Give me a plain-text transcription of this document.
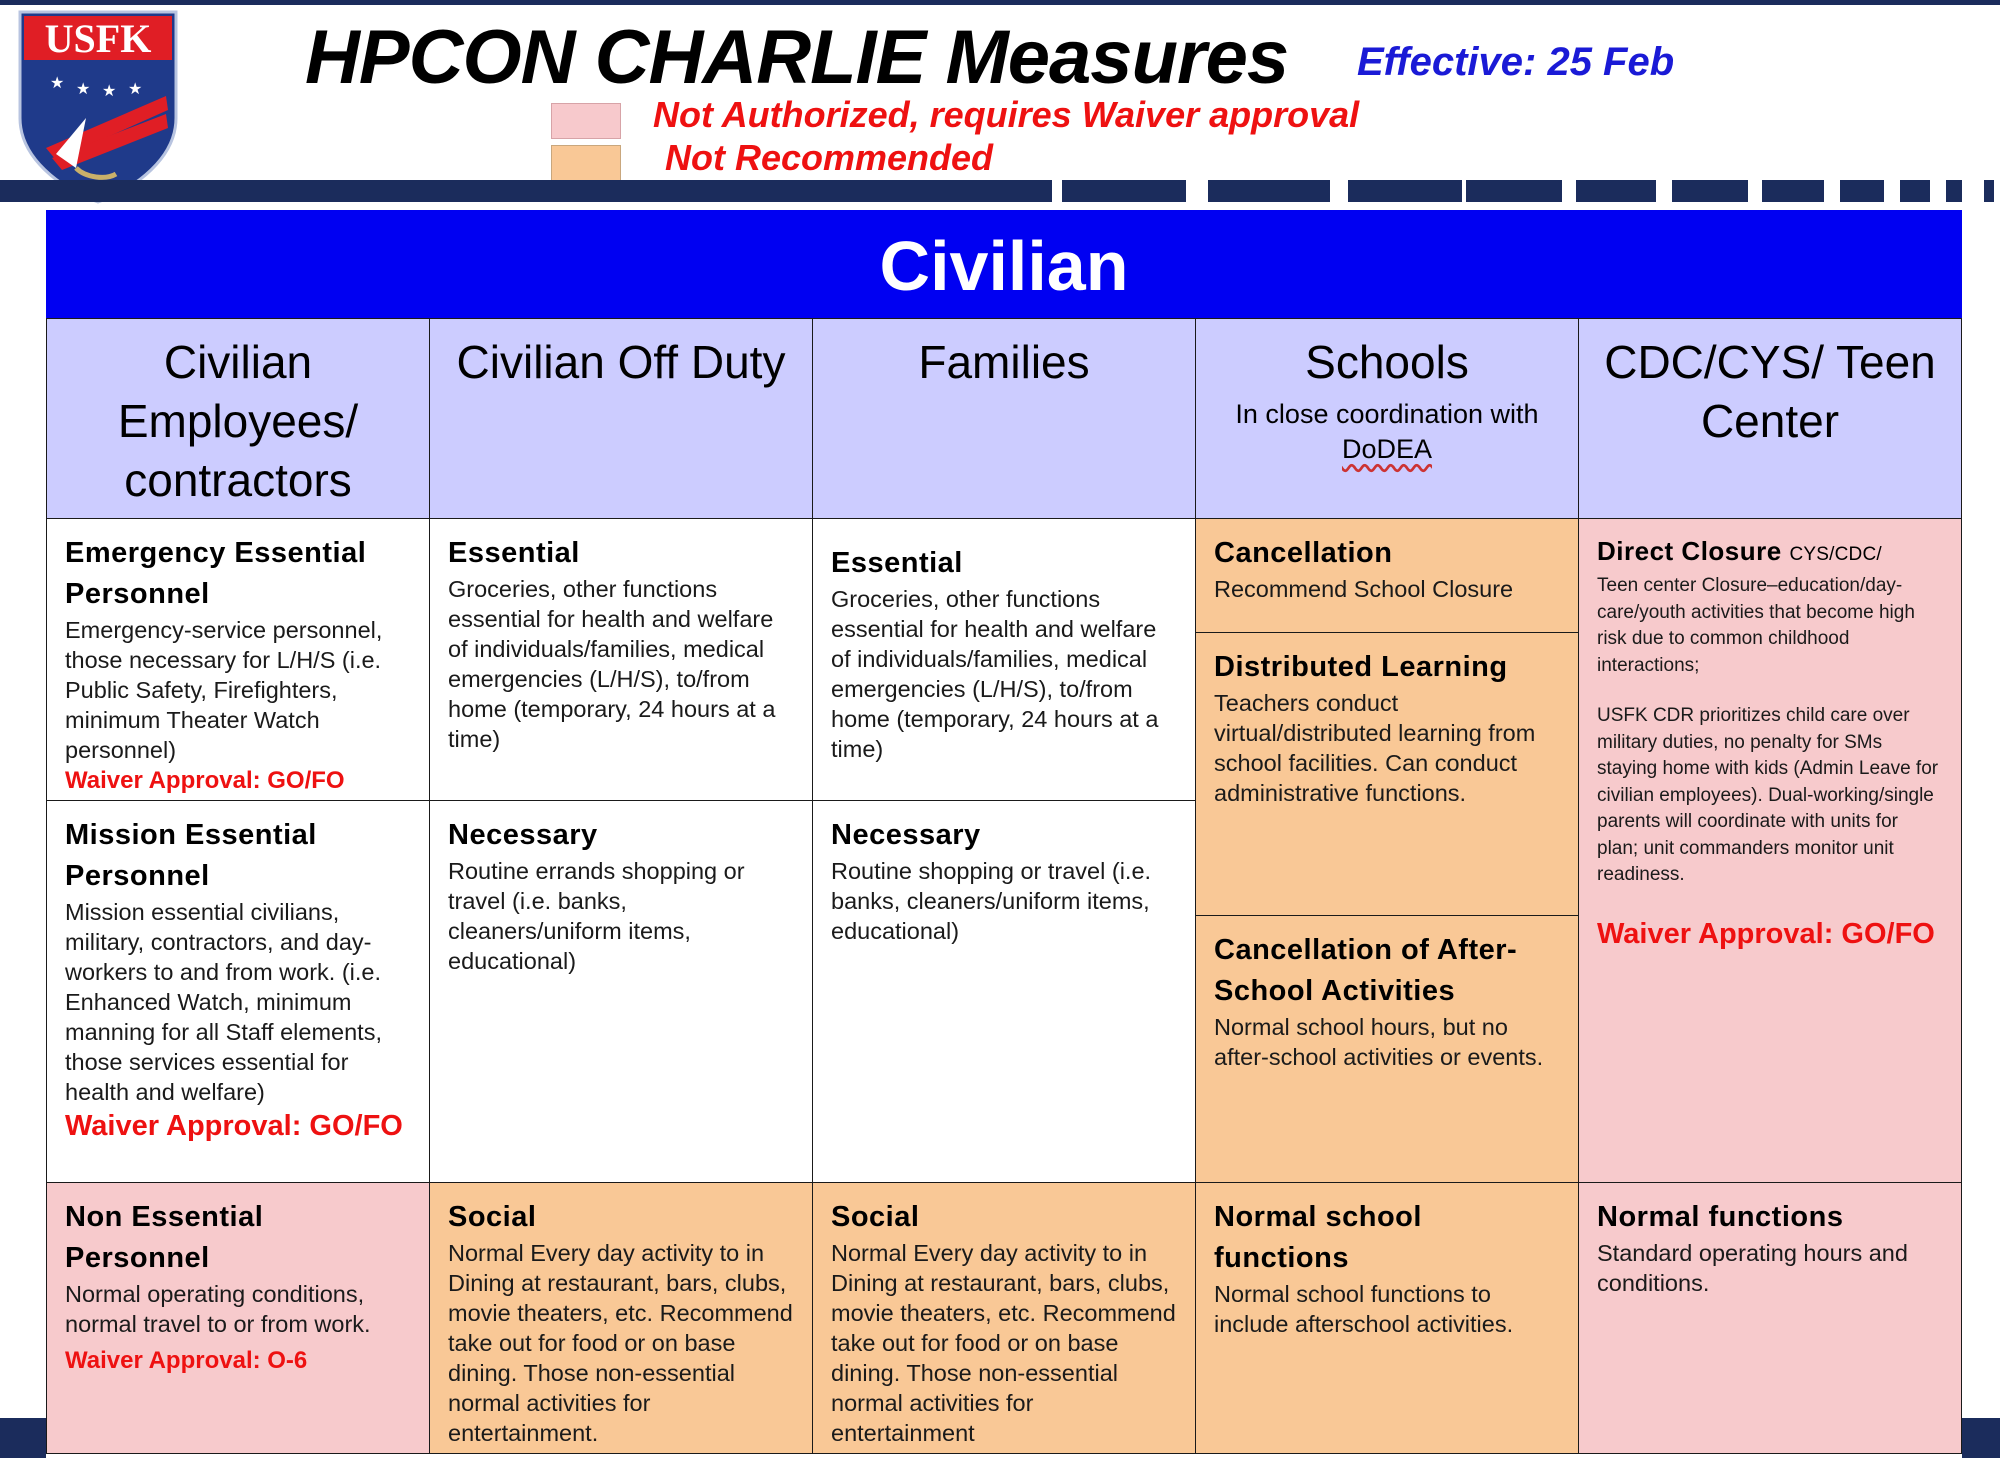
USFK
★ ★ ★ ★ HPCON CHARLIE Measures Effective: 25 Feb
Not Authorized, requires Waiver approval
Not Recommended
Civilian
Civilian Employees/ contractors
Civilian Off Duty	Families	Schools
In close coordination with
DoDEA
CDC/CYS/ Teen Center
Emergency Essential Personnel
Emergency-service personnel, those necessary for L/H/S (i.e. Public Safety, Firefighters, minimum Theater Watch personnel)
Waiver Approval: GO/FO
Mission Essential Personnel
Mission essential civilians, military, contractors, and day-workers to and from work. (i.e. Enhanced Watch, minimum manning for all Staff elements, those services essential for health and welfare)
Waiver Approval: GO/FO
Non Essential Personnel
Normal operating conditions, normal travel to or from work.
Waiver Approval: O-6
Essential
Groceries, other functions essential for health and welfare of individuals/families, medical emergencies (L/H/S), to/from home (temporary, 24 hours at a time)
Necessary
Routine errands shopping or travel (i.e. banks, cleaners/uniform items, educational)
Social
Normal Every day activity to in Dining at restaurant, bars, clubs, movie theaters, etc. Recommend take out for food or on base dining. Those non-essential normal activities for entertainment.
Essential
Groceries, other functions essential for health and welfare of individuals/families, medical emergencies (L/H/S), to/from home (temporary, 24 hours at a time)
Necessary
Routine shopping or travel (i.e. banks, cleaners/uniform items, educational)
Social
Normal Every day activity to in Dining at restaurant, bars, clubs, movie theaters, etc. Recommend take out for food or on base dining. Those non-essential normal activities for entertainment
Cancellation
Recommend School Closure
Distributed Learning
Teachers conduct virtual/distributed learning from school facilities. Can conduct administrative functions.
Cancellation of After-School Activities
Normal school hours, but no after-school activities or events.
Normal school functions
Normal school functions to include afterschool activities.
Direct Closure CYS/CDC/
Teen center Closure–education/day-care/youth activities that become high risk due to common childhood interactions;
USFK CDR prioritizes child care over military duties, no penalty for SMs staying home with kids (Admin Leave for civilian employees). Dual-working/single parents will coordinate with units for plan; unit commanders monitor unit readiness.
Waiver Approval: GO/FO
Normal functions
Standard operating hours and conditions.
